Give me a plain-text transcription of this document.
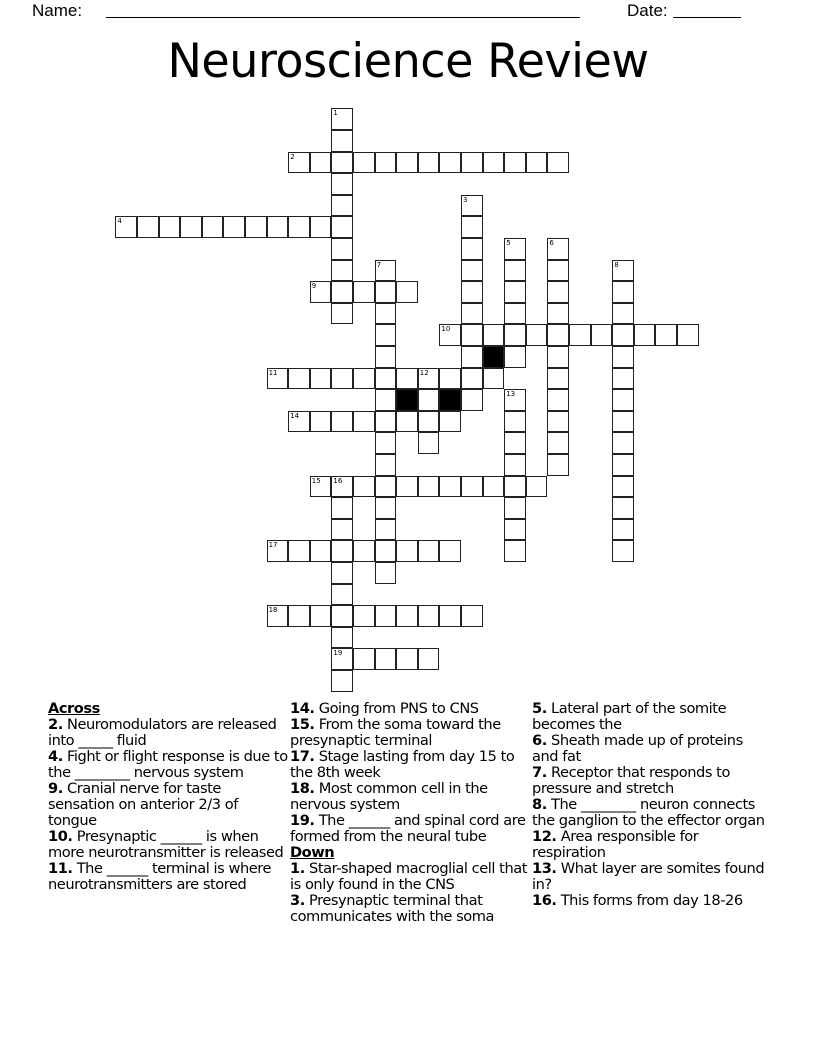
Name:	Date:
Neuroscience Review
1
2
3
4
5	6
7	8
9
10
11	12
13
14
15 16
19
17
18
Across
2. Neuromodulators are released into _____ fluid
4. Fight or flight response is due to the ________ nervous system
9. Cranial nerve for taste sensation on anterior 2/3 of tongue
10. Presynaptic ______ is when more neurotransmitter is released
11. The ______ terminal is where neurotransmitters are stored
14. Going from PNS to CNS
15. From the soma toward the presynaptic terminal
17. Stage lasting from day 15 to the 8th week
18. Most common cell in the nervous system
19. The ______ and spinal cord are formed from the neural tube
Down
1. Star-shaped macroglial cell that is only found in the CNS
3. Presynaptic terminal that communicates with the soma
5. Lateral part of the somite becomes the
6. Sheath made up of proteins and fat
7. Receptor that responds to pressure and stretch
8. The ________ neuron connects the ganglion to the effector organ
12. Area responsible for respiration
13. What layer are somites found in?
16. This forms from day 18-26
